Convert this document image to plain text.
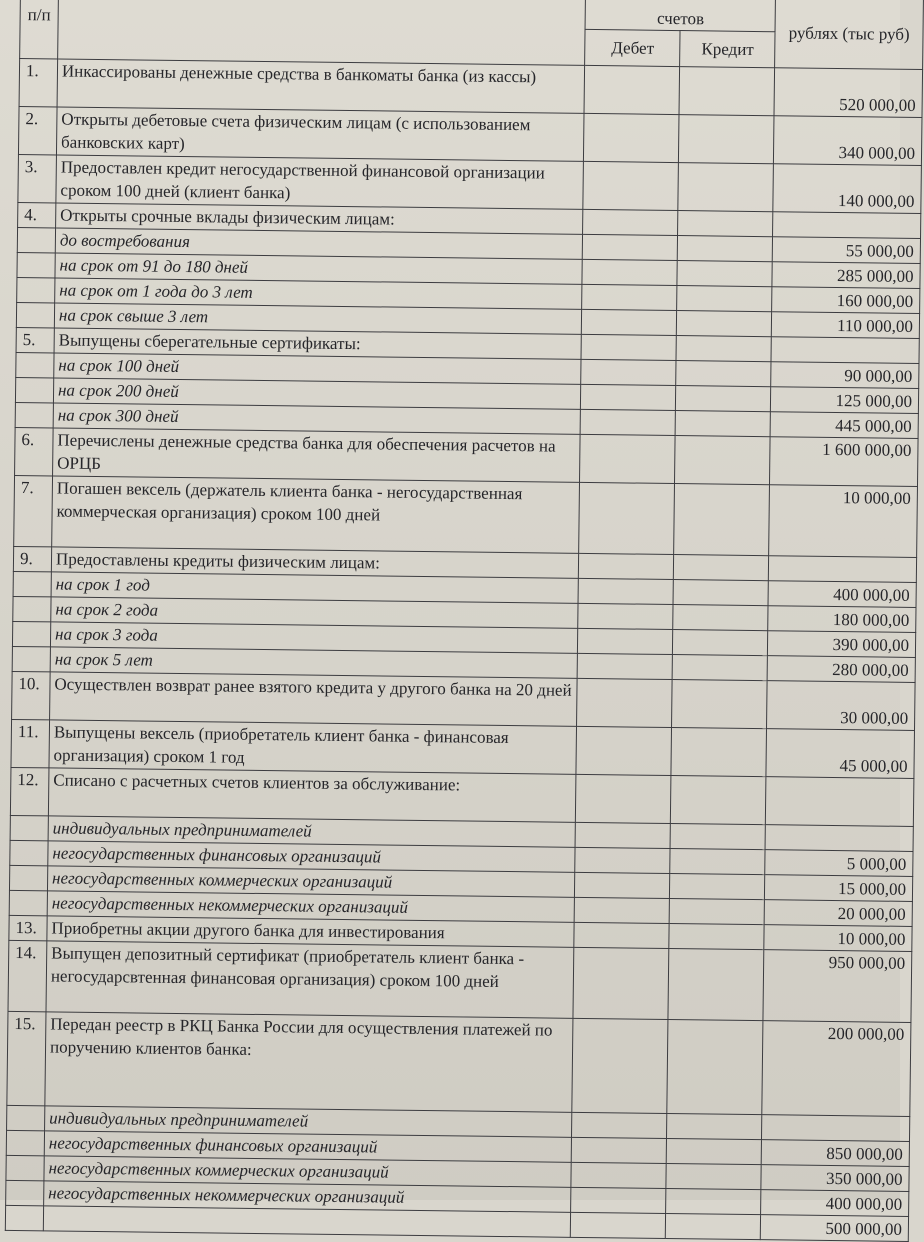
п/п		счетов		рублях (тыс руб)
		Дебет	Кредит	
1.	Инкассированы денежные средства в банкоматы банка (из кассы)			520 000,00
2.	Открыты дебетовые счета физическим лицам (с использованием банковских карт)			340 000,00
3.	Предоставлен кредит негосударственной финансовой организации сроком 100 дней (клиент банка)			140 000,00
4.	Открыты срочные вклады физическим лицам:			
	до востребования			55 000,00
	на срок от 91 до 180 дней			285 000,00
	на срок от 1 года до 3 лет			160 000,00
	на срок свыше 3 лет			110 000,00
5.	Выпущены сберегательные сертификаты:			
	на срок 100 дней			90 000,00
	на срок 200 дней			125 000,00
	на срок 300 дней			445 000,00
6.	Перечислены денежные средства банка для обеспечения расчетов на ОРЦБ			1 600 000,00
7.	Погашен вексель (держатель клиента банка - негосударственная коммерческая организация) сроком 100 дней			10 000,00
9.	Предоставлены кредиты физическим лицам:			
	на срок 1 год			400 000,00
	на срок 2 года			180 000,00
	на срок 3 года			390 000,00
	на срок 5 лет			280 000,00
10.	Осуществлен возврат ранее взятого кредита у другого банка на 20 дней			30 000,00
11.	Выпущены вексель (приобретатель клиент банка - финансовая организация) сроком 1 год			45 000,00
12.	Списано с расчетных счетов клиентов за обслуживание:			
	индивидуальных предпринимателей			
	негосударственных финансовых организаций			5 000,00
	негосударственных коммерческих организаций			15 000,00
	негосударственных некоммерческих организаций			20 000,00
13.	Приобретны акции другого банка для инвестирования			10 000,00
14.	Выпущен депозитный сертификат (приобретатель клиент банка - негосударсвтенная финансовая организация) сроком 100 дней			950 000,00
15.	Передан реестр в РКЦ Банка России для осуществления платежей по поручению клиентов банка:			200 000,00
	индивидуальных предпринимателей			
	негосударственных финансовых организаций			850 000,00
	негосударственных коммерческих организаций			350 000,00
	негосударственных некоммерческих организаций			400 000,00
				500 000,00
